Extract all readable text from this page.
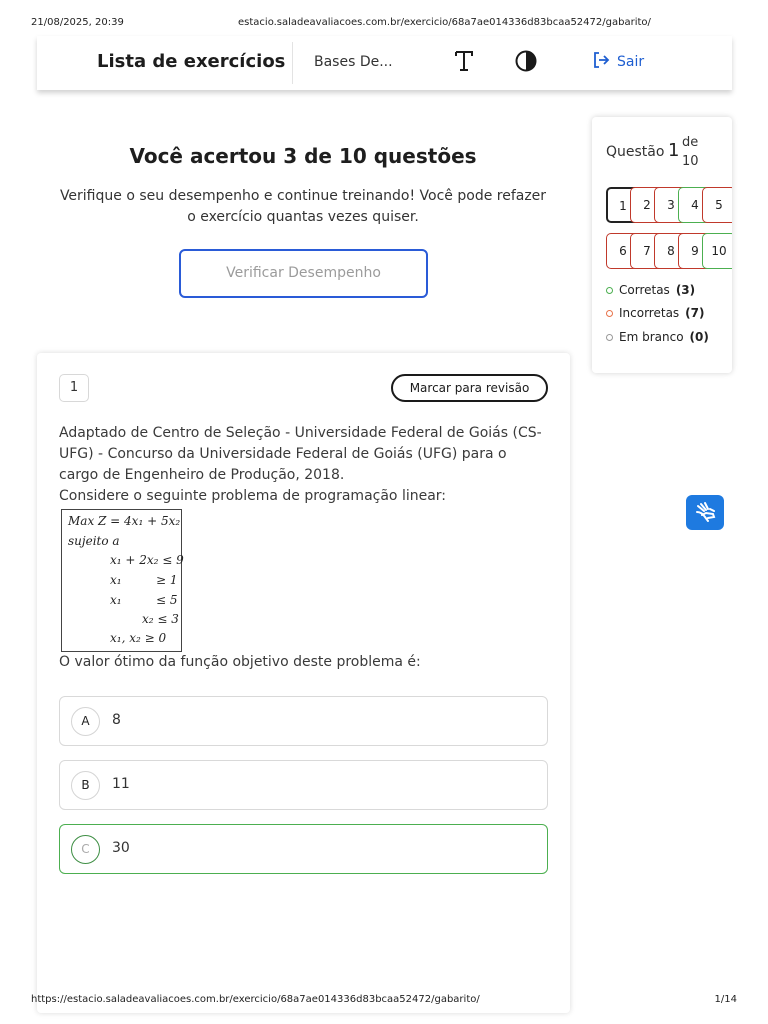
21/08/2025, 20:39	estacio.saladeavaliacoes.com.br/exercicio/68a7ae014336d83bcaa52472/gabarito/
Lista de exercícios Bases De...	Sair
Você acertou 3 de 10 questões
Verifique o seu desempenho e continue treinando! Você pode refazer o exercício quantas vezes quiser.
Verificar Desempenho
1	Marcar para revisão
Adaptado de Centro de Seleção - Universidade Federal de Goiás (CS-UFG) - Concurso da Universidade Federal de Goiás (UFG) para o cargo de Engenheiro de Produção, 2018.
Considere o seguinte problema de programação linear:
Max Z = 4x₁ + 5x₂
sujeito a
x₁ + 2x₂ ≤ 9
x₁	≥ 1
x₁	≤ 5
x₂ ≤ 3
x₁, x₂ ≥ 0
O valor ótimo da função objetivo deste problema é:
A	8
B	11
C	30
Questão 1 de 10
1	2	3	4	5
6	7	8	9	10
Corretas (3)
Incorretas (7)
Em branco (0)
https://estacio.saladeavaliacoes.com.br/exercicio/68a7ae014336d83bcaa52472/gabarito/	1/14
